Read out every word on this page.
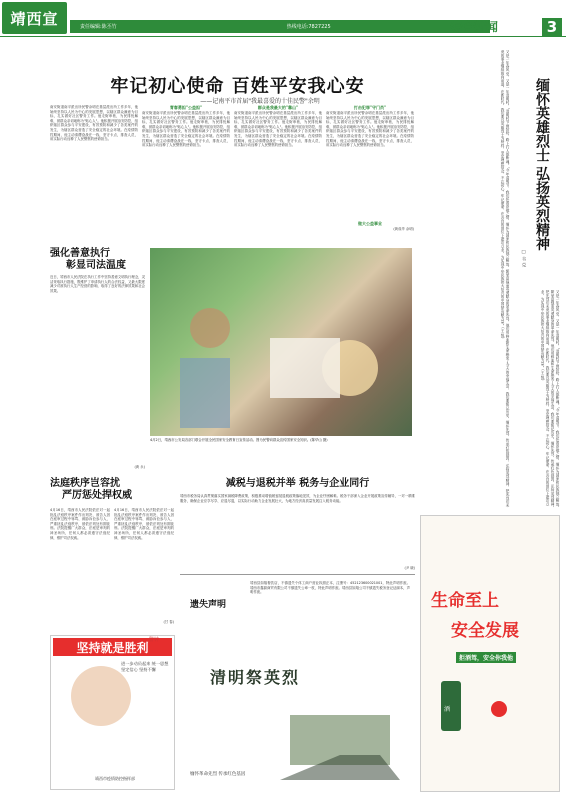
靖西宣	责任编辑:陈丕竹	热线电话:7827225	综合新闻	3
牢记初心使命 百姓平安我心安
——记南平市首届"我最喜爱的十佳民警"余明
南安街道南平派出所民警余明在基层派出所工作多年，他始终坚持以人民为中心的发展思想，以辖区群众满意为目标，扎实做好社区警务工作。他走街串巷，为民排忧解难，被群众亲切地称为"贴心人"。他积极开展治安防控，组织辖区群众参与平安建设，有效预防和减少了各类案件的发生，为辖区群众营造了安全稳定的社会环境。在疫情防控期间，他主动请缨奋战在一线，坚守卡点，排查人员，用实际行动诠释了人民警察的使命担当。
青春勇担"公益担"
南安街道南平派出所民警余明在基层派出所工作多年，他始终坚持以人民为中心的发展思想，以辖区群众满意为目标，扎实做好社区警务工作。他走街串巷，为民排忧解难，被群众亲切地称为"贴心人"。他积极开展治安防控，组织辖区群众参与平安建设，有效预防和减少了各类案件的发生，为辖区群众营造了安全稳定的社会环境。在疫情防控期间，他主动请缨奋战在一线，坚守卡点，排查人员，用实际行动诠释了人民警察的使命担当。
群众是我最大的"靠山"
南安街道南平派出所民警余明在基层派出所工作多年，他始终坚持以人民为中心的发展思想，以辖区群众满意为目标，扎实做好社区警务工作。他走街串巷，为民排忧解难，被群众亲切地称为"贴心人"。他积极开展治安防控，组织辖区群众参与平安建设，有效预防和减少了各类案件的发生，为辖区群众营造了安全稳定的社会环境。在疫情防控期间，他主动请缨奋战在一线，坚守卡点，排查人员，用实际行动诠释了人民警察的使命担当。
打击犯罪"守门员"
南安街道南平派出所民警余明在基层派出所工作多年，他始终坚持以人民为中心的发展思想，以辖区群众满意为目标，扎实做好社区警务工作。他走街串巷，为民排忧解难，被群众亲切地称为"贴心人"。他积极开展治安防控，组织辖区群众参与平安建设，有效预防和减少了各类案件的发生，为辖区群众营造了安全稳定的社会环境。在疫情防控期间，他主动请缨奋战在一线，坚守卡点，排查人员，用实际行动诠释了人民警察的使命担当。
做大公益事业
(黄成华 余明)	缅怀英雄烈士 弘扬英烈精神
□ 韦 克
又是一年春风至，又是一年清明时。"清明时节雨纷纷，路上行人欲断魂。"今年清明节，我们怀着崇敬之情，缅怀为国家和民族独立解放、繁荣富强而英勇献身的革命先烈。他们用鲜血和生命换来了今天的幸福生活，我们要铭记历史，缅怀先烈，传承红色基因，弘扬英烈精神，把先烈们未竟的事业继续推向前进。在新时代，我们要以英雄烈士为榜样，坚定理想信念，不忘初心，牢记使命，在各自的岗位上建功立业，为实现中华民族伟大复兴的中国梦贡献力量。(王 悦)
又是一年春风至，又是一年清明时。"清明时节雨纷纷，路上行人欲断魂。"今年清明节，我们怀着崇敬之情，缅怀为国家和民族独立解放、繁荣富强而英勇献身的革命先烈。他们用鲜血和生命换来了今天的幸福生活，我们要铭记历史，缅怀先烈，传承红色基因，弘扬英烈精神，把先烈们未竟的事业继续推向前进。在新时代，我们要以英雄烈士为榜样，坚定理想信念，不忘初心，牢记使命，在各自的岗位上建功立业，为实现中华民族伟大复兴的中国梦贡献力量。(王 悦)
强化善意执行
彰显司法温度
近日，靖西市人民法院在执行工作中坚持善意文明执行理念，灵活采取执行措施，既维护了申请执行人的合法权益，又最大限度减少对被执行人生产经营的影响，取得了良好的法律效果和社会效果。
(黄 永)
4月2日，靖西市公安局各部门联合开展全民国家安全教育日宣传活动。图为民警向群众宣传国家安全知识。(陈华山 摄)
法庭秩序岂容扰
严厉惩处捍权威
4月16日，靖西市人民法院依法对一起扰乱法庭秩序案件作出判决，被告人因在庭审过程中辱骂、威胁诉讼参与人，严重扰乱法庭秩序，被依法判处有期徒刑。法院提醒广大群众，法庭是审判的神圣场所，任何人都必须遵守法庭纪律，维护司法权威。
4月16日，靖西市人民法院依法对一起扰乱法庭秩序案件作出判决，被告人因在庭审过程中辱骂、威胁诉讼参与人，严重扰乱法庭秩序，被依法判处有期徒刑。法院提醒广大群众，法庭是审判的神圣场所，任何人都必须遵守法庭纪律，维护司法权威。
(甘 春)
减税与退税并举 税务与企业同行
靖西市税务局认真贯彻落实国家减税降费政策，积极推动增值税留抵退税政策落地见效，为企业纾困解难。税务干部深入企业开展政策宣传辅导，一对一精准服务，确保企业应享尽享、应退尽退，以实际行动助力企业发展壮大，为地方经济高质量发展注入税务动能。
(尹 晓)
遗失声明
靖西县如翔餐饮店，不慎遗失个体工商户营业执照正本，注册号：452123600021001，特此声明作废。靖西市鑫源商贸有限公司不慎遗失公章一枚，特此声明作废。靖西县如翔公司不慎遗失税务登记证副本，声明作废。	生命至上
安全发展
拒酒驾，安全你我他
酒
坚持就是胜利
进一步动员起来 统一思想 坚定信心 坚持不懈
靖西市疫情防控指挥部
警钟
清明祭英烈
缅怀革命先烈 传承红色基因
